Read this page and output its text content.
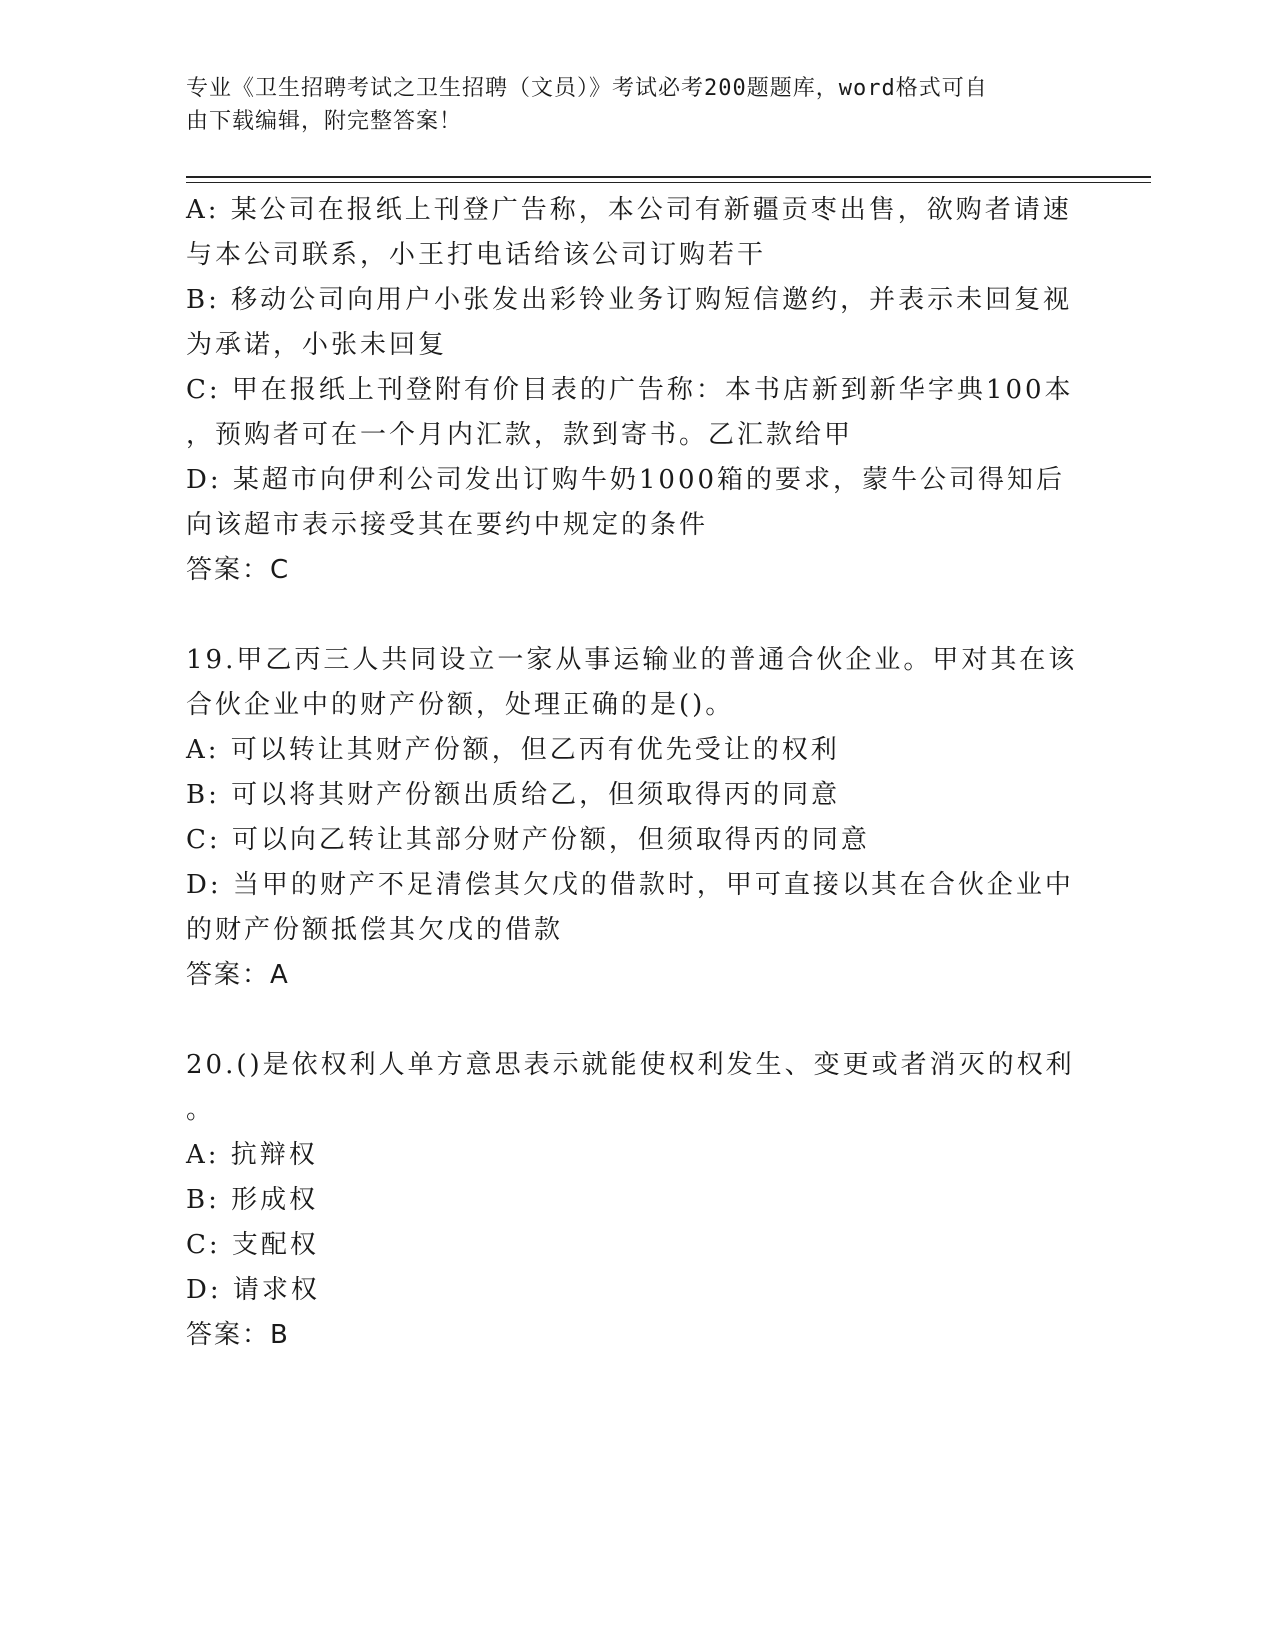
专业《卫生招聘考试之卫生招聘（文员）》考试必考200题题库，word格式可自
由下载编辑，附完整答案！
A: 某公司在报纸上刊登广告称，本公司有新疆贡枣出售，欲购者请速
与本公司联系，小王打电话给该公司订购若干
B: 移动公司向用户小张发出彩铃业务订购短信邀约，并表示未回复视
为承诺，小张未回复
C: 甲在报纸上刊登附有价目表的广告称：本书店新到新华字典100本
，预购者可在一个月内汇款，款到寄书。乙汇款给甲
D: 某超市向伊利公司发出订购牛奶1000箱的要求，蒙牛公司得知后
向该超市表示接受其在要约中规定的条件
答案：C
19.甲乙丙三人共同设立一家从事运输业的普通合伙企业。甲对其在该
合伙企业中的财产份额，处理正确的是()。
A: 可以转让其财产份额，但乙丙有优先受让的权利
B: 可以将其财产份额出质给乙，但须取得丙的同意
C: 可以向乙转让其部分财产份额，但须取得丙的同意
D: 当甲的财产不足清偿其欠戊的借款时，甲可直接以其在合伙企业中
的财产份额抵偿其欠戊的借款
答案：A
20.()是依权利人单方意思表示就能使权利发生、变更或者消灭的权利
。
A: 抗辩权
B: 形成权
C: 支配权
D: 请求权
答案：B
